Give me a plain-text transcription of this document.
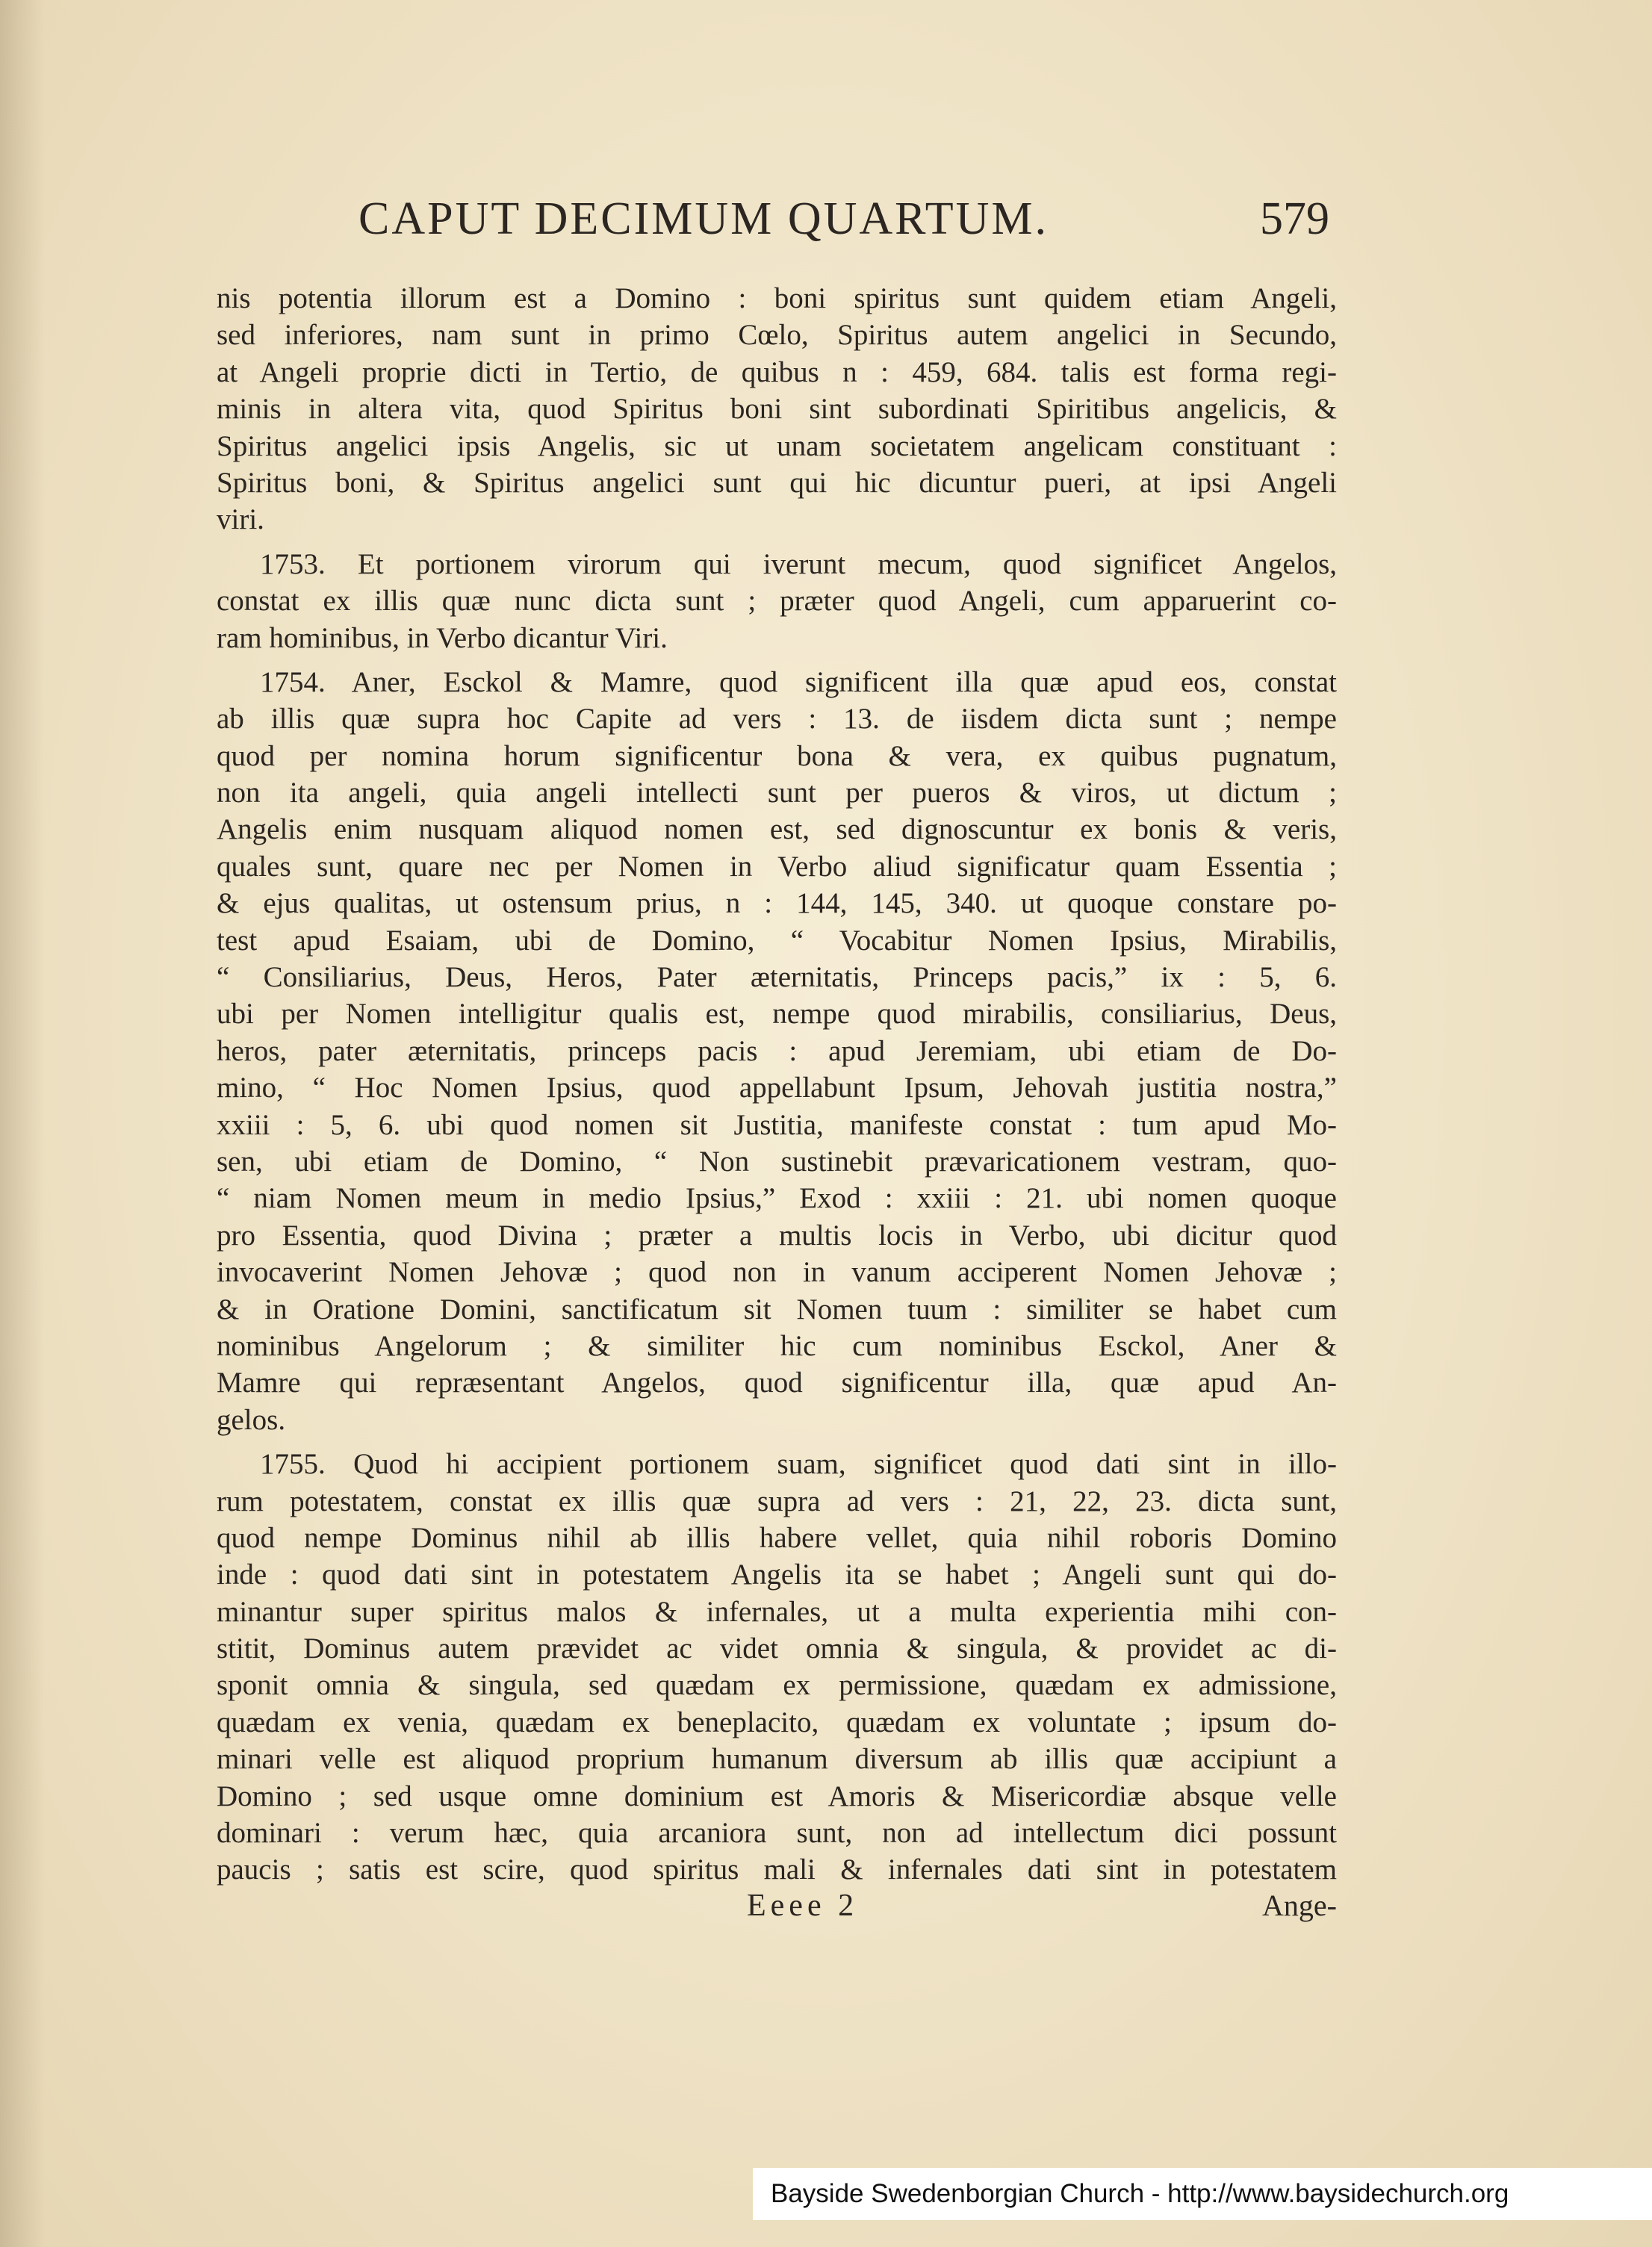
CAPUT DECIMUM QUARTUM.	579
nis potentia illorum est a Domino : boni spiritus sunt quidem etiam Angeli,
sed inferiores, nam sunt in primo Cœlo, Spiritus autem angelici in Secundo,
at Angeli proprie dicti in Tertio, de quibus n : 459, 684. talis est forma regi-
minis in altera vita, quod Spiritus boni sint subordinati Spiritibus angelicis, &
Spiritus angelici ipsis Angelis, sic ut unam societatem angelicam constituant :
Spiritus boni, & Spiritus angelici sunt qui hic dicuntur pueri, at ipsi Angeli
viri.
1753. Et portionem virorum qui iverunt mecum, quod significet Angelos,
constat ex illis quæ nunc dicta sunt ; præter quod Angeli, cum apparuerint co-
ram hominibus, in Verbo dicantur Viri.
1754. Aner, Esckol & Mamre, quod significent illa quæ apud eos, constat
ab illis quæ supra hoc Capite ad vers : 13. de iisdem dicta sunt ; nempe
quod per nomina horum significentur bona & vera, ex quibus pugnatum,
non ita angeli, quia angeli intellecti sunt per pueros & viros, ut dictum ;
Angelis enim nusquam aliquod nomen est, sed dignoscuntur ex bonis & veris,
quales sunt, quare nec per Nomen in Verbo aliud significatur quam Essentia ;
& ejus qualitas, ut ostensum prius, n : 144, 145, 340. ut quoque constare po-
test apud Esaiam, ubi de Domino, “ Vocabitur Nomen Ipsius, Mirabilis,
“ Consiliarius, Deus, Heros, Pater æternitatis, Princeps pacis,” ix : 5, 6.
ubi per Nomen intelligitur qualis est, nempe quod mirabilis, consiliarius, Deus,
heros, pater æternitatis, princeps pacis : apud Jeremiam, ubi etiam de Do-
mino, “ Hoc Nomen Ipsius, quod appellabunt Ipsum, Jehovah justitia nostra,”
xxiii : 5, 6. ubi quod nomen sit Justitia, manifeste constat : tum apud Mo-
sen, ubi etiam de Domino, “ Non sustinebit prævaricationem vestram, quo-
“ niam Nomen meum in medio Ipsius,” Exod : xxiii : 21. ubi nomen quoque
pro Essentia, quod Divina ; præter a multis locis in Verbo, ubi dicitur quod
invocaverint Nomen Jehovæ ; quod non in vanum acciperent Nomen Jehovæ ;
& in Oratione Domini, sanctificatum sit Nomen tuum : similiter se habet cum
nominibus Angelorum ; & similiter hic cum nominibus Esckol, Aner &
Mamre qui repræsentant Angelos, quod significentur illa, quæ apud An-
gelos.
1755. Quod hi accipient portionem suam, significet quod dati sint in illo-
rum potestatem, constat ex illis quæ supra ad vers : 21, 22, 23. dicta sunt,
quod nempe Dominus nihil ab illis habere vellet, quia nihil roboris Domino
inde : quod dati sint in potestatem Angelis ita se habet ; Angeli sunt qui do-
minantur super spiritus malos & infernales, ut a multa experientia mihi con-
stitit, Dominus autem prævidet ac videt omnia & singula, & providet ac di-
sponit omnia & singula, sed quædam ex permissione, quædam ex admissione,
quædam ex venia, quædam ex beneplacito, quædam ex voluntate ; ipsum do-
minari velle est aliquod proprium humanum diversum ab illis quæ accipiunt a
Domino ; sed usque omne dominium est Amoris & Misericordiæ absque velle
dominari : verum hæc, quia arcaniora sunt, non ad intellectum dici possunt
paucis ; satis est scire, quod spiritus mali & infernales dati sint in potestatem
Eeee 2	Ange-
Bayside Swedenborgian Church - http://www.baysidechurch.org
